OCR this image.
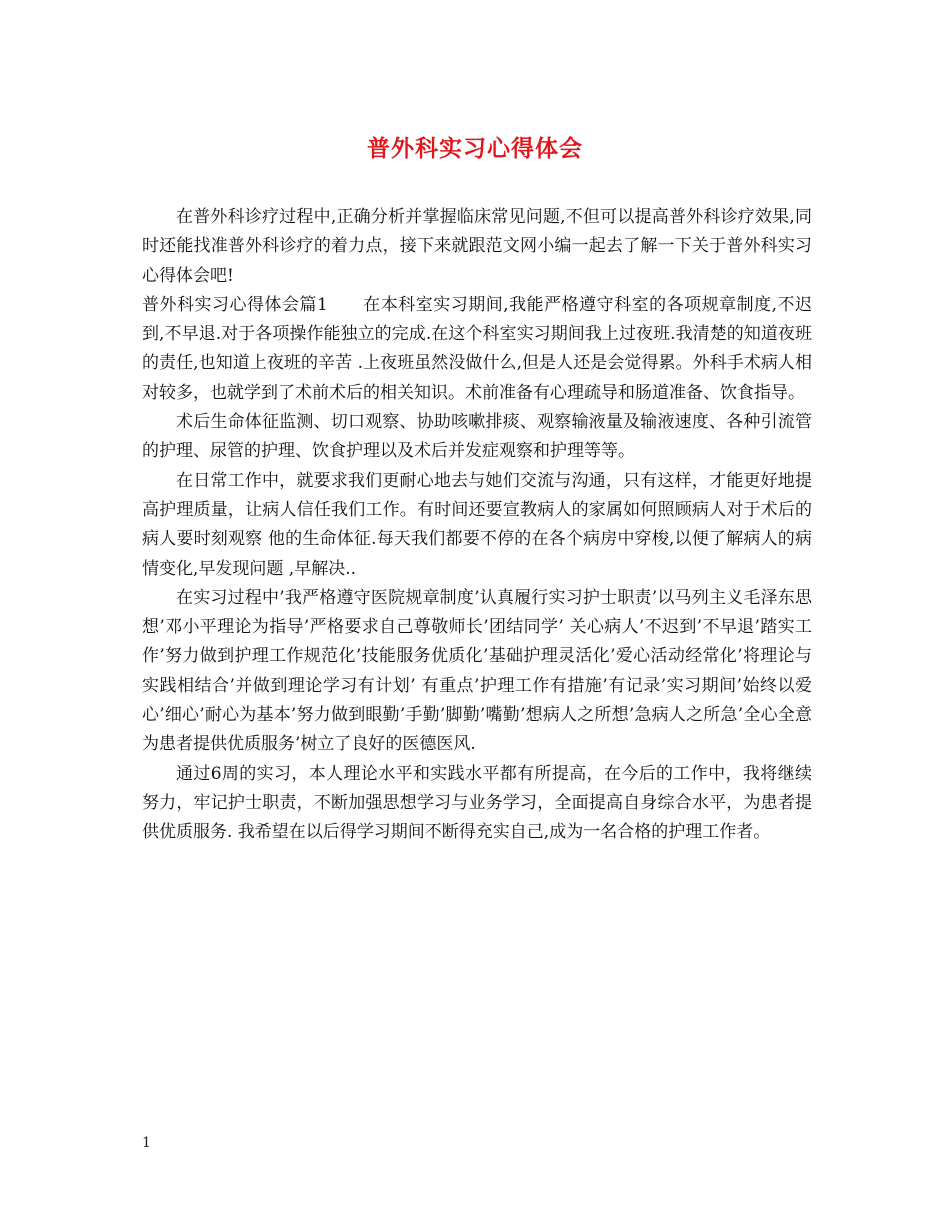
普外科实习心得体会

在普外科诊疗过程中,正确分析并掌握临床常见问题,不但可以提高普外科诊疗效果,同时还能找准普外科诊疗的着力点，接下来就跟范文网小编一起去了解一下关于普外科实习心得体会吧!

普外科实习心得体会篇1　　在本科室实习期间,我能严格遵守科室的各项规章制度,不迟到,不早退.对于各项操作能独立的完成.在这个科室实习期间我上过夜班.我清楚的知道夜班的责任,也知道上夜班的辛苦 .上夜班虽然没做什么,但是人还是会觉得累。外科手术病人相对较多，也就学到了术前术后的相关知识。术前准备有心理疏导和肠道准备、饮食指导。

术后生命体征监测、切口观察、协助咳嗽排痰、观察输液量及输液速度、各种引流管的护理、尿管的护理、饮食护理以及术后并发症观察和护理等等。

在日常工作中，就要求我们更耐心地去与她们交流与沟通，只有这样，才能更好地提高护理质量，让病人信任我们工作。有时间还要宣教病人的家属如何照顾病人对于术后的病人要时刻观察 他的生命体征.每天我们都要不停的在各个病房中穿梭,以便了解病人的病情变化,早发现问题 ,早解决..

在实习过程中’我严格遵守医院规章制度’认真履行实习护士职责’以马列主义毛泽东思想’邓小平理论为指导’严格要求自己尊敬师长’团结同学’ 关心病人’不迟到’不早退’踏实工作’努力做到护理工作规范化’技能服务优质化’基础护理灵活化’爱心活动经常化’将理论与实践相结合’并做到理论学习有计划’ 有重点’护理工作有措施’有记录’实习期间’始终以爱心’细心’耐心为基本’努力做到眼勤’手勤’脚勤’嘴勤’想病人之所想’急病人之所急’全心全意为患者提供优质服务’树立了良好的医德医风.

通过6周的实习，本人理论水平和实践水平都有所提高，在今后的工作中，我将继续努力，牢记护士职责，不断加强思想学习与业务学习，全面提高自身综合水平，为患者提供优质服务. 我希望在以后得学习期间不断得充实自己,成为一名合格的护理工作者。

1
